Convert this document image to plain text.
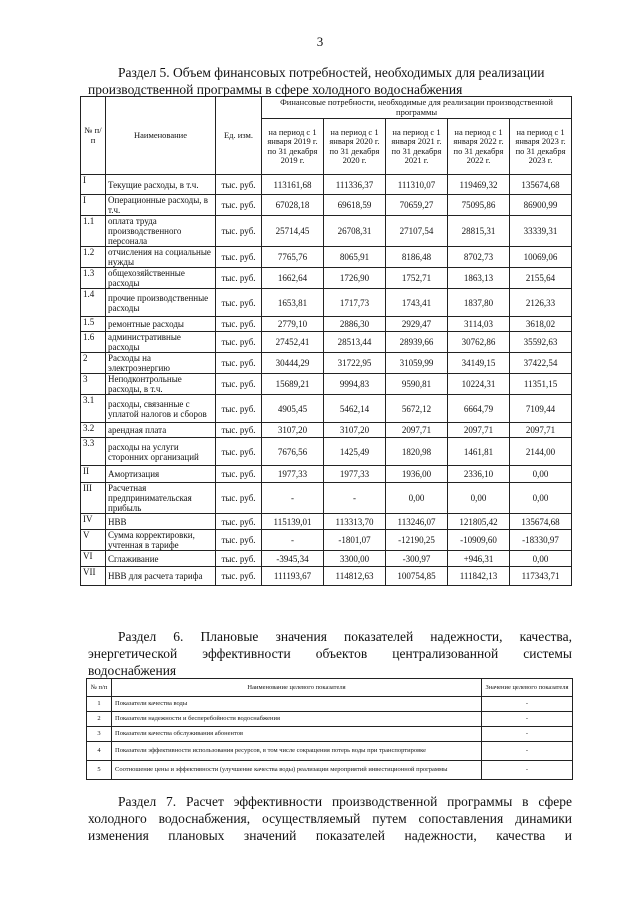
3

Раздел 5. Объем финансовых потребностей, необходимых для реализации

производственной программы в сфере холодного водоснабжения

№ п/п	Наименование	Ед. изм.	Финансовые потребности, необходимые для реализации производственной программы				
			на период с 1 января 2019 г. по 31 декабря 2019 г.	на период с 1 января 2020 г. по 31 декабря 2020 г.	на период с 1 января 2021 г. по 31 декабря 2021 г.	на период с 1 января 2022 г. по 31 декабря 2022 г.	на период с 1 января 2023 г. по 31 декабря 2023 г.
I	Текущие расходы, в т.ч.	тыс. руб.	113161,68	111336,37	111310,07	119469,32	135674,68
I	Операционные расходы, в т.ч.	тыс. руб.	67028,18	69618,59	70659,27	75095,86	86900,99
1.1	оплата труда производственного персонала	тыс. руб.	25714,45	26708,31	27107,54	28815,31	33339,31
1.2	отчисления на социальные нужды	тыс. руб.	7765,76	8065,91	8186,48	8702,73	10069,06
1.3	общехозяйственные расходы	тыс. руб.	1662,64	1726,90	1752,71	1863,13	2155,64
1.4	прочие производственные расходы	тыс. руб.	1653,81	1717,73	1743,41	1837,80	2126,33
1.5	ремонтные расходы	тыс. руб.	2779,10	2886,30	2929,47	3114,03	3618,02
1.6	административные расходы	тыс. руб.	27452,41	28513,44	28939,66	30762,86	35592,63
2	Расходы на электроэнергию	тыс. руб.	30444,29	31722,95	31059,99	34149,15	37422,54
3	Неподконтрольные расходы, в т.ч.	тыс. руб.	15689,21	9994,83	9590,81	10224,31	11351,15
3.1	расходы, связанные с уплатой налогов и сборов	тыс. руб.	4905,45	5462,14	5672,12	6664,79	7109,44
3.2	арендная плата	тыс. руб.	3107,20	3107,20	2097,71	2097,71	2097,71
3.3	расходы на услуги сторонних организаций	тыс. руб.	7676,56	1425,49	1820,98	1461,81	2144,00
II	Амортизация	тыс. руб.	1977,33	1977,33	1936,00	2336,10	0,00
III	Расчетная предпринимательская прибыль	тыс. руб.	-	-	0,00	0,00	0,00
IV	НВВ	тыс. руб.	115139,01	113313,70	113246,07	121805,42	135674,68
V	Сумма корректировки, учтенная в тарифе	тыс. руб.	-	-1801,07	-12190,25	-10909,60	-18330,97
VI	Сглаживание	тыс. руб.	-3945,34	3300,00	-300,97	+946,31	0,00
VII	НВВ для расчета тарифа	тыс. руб.	111193,67	114812,63	100754,85	111842,13	117343,71

Раздел 6. Плановые значения показателей надежности, качества,

энергетической эффективности объектов централизованной системы

водоснабжения

№ п/п	Наименование целевого показателя	Значение целевого показателя
1	Показатели качества воды	-
2	Показатели надежности и бесперебойности водоснабжения	-
3	Показатели качества обслуживания абонентов	-
4	Показатели эффективности использования ресурсов, в том числе сокращения потерь воды при транспортировке	-
5	Соотношение цены и эффективности (улучшение качества воды) реализации мероприятий инвестиционной программы	-

Раздел 7. Расчет эффективности производственной программы в сфере

холодного водоснабжения, осуществляемый путем сопоставления динамики

изменения плановых значений показателей надежности, качества и
